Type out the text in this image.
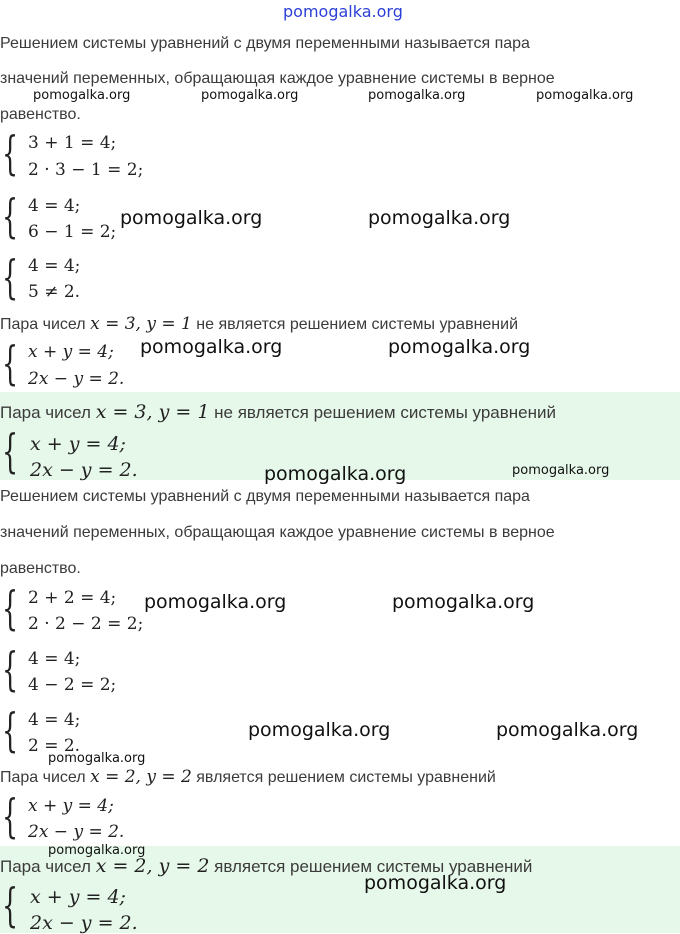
pomogalka.org
Решением системы уравнений с двумя переменными называется пара
значений переменных, обращающая каждое уравнение системы в верное
pomogalka.org	pomogalka.org	pomogalka.org	pomogalka.org
равенство.
{ 3 + 1 = 4;
2 · 3 − 1 = 2;
{ 4 = 4;
6 − 1 = 2;
pomogalka.org	pomogalka.org
{ 4 = 4;
5 ≠ 2.
Пара чисел x = 3, y = 1 не является решением системы уравнений
{ x + y = 4;
2x − y = 2.
pomogalka.org	pomogalka.org
Пара чисел x = 3, y = 1 не является решением системы уравнений
{ x + y = 4;
2x − y = 2.	pomogalka.org	pomogalka.org
Решением системы уравнений с двумя переменными называется пара
значений переменных, обращающая каждое уравнение системы в верное
равенство.
{ 2 + 2 = 4;
2 · 2 − 2 = 2;
pomogalka.org	pomogalka.org
{ 4 = 4;
4 − 2 = 2;
{ 4 = 4;
2 = 2.
pomogalka.org	pomogalka.org
pomogalka.org
Пара чисел x = 2, y = 2 является решением системы уравнений
{ x + y = 4;
2x − y = 2.
pomogalka.org
Пара чисел x = 2, y = 2 является решением системы уравнений
pomogalka.org
{ x + y = 4;
2x − y = 2.
